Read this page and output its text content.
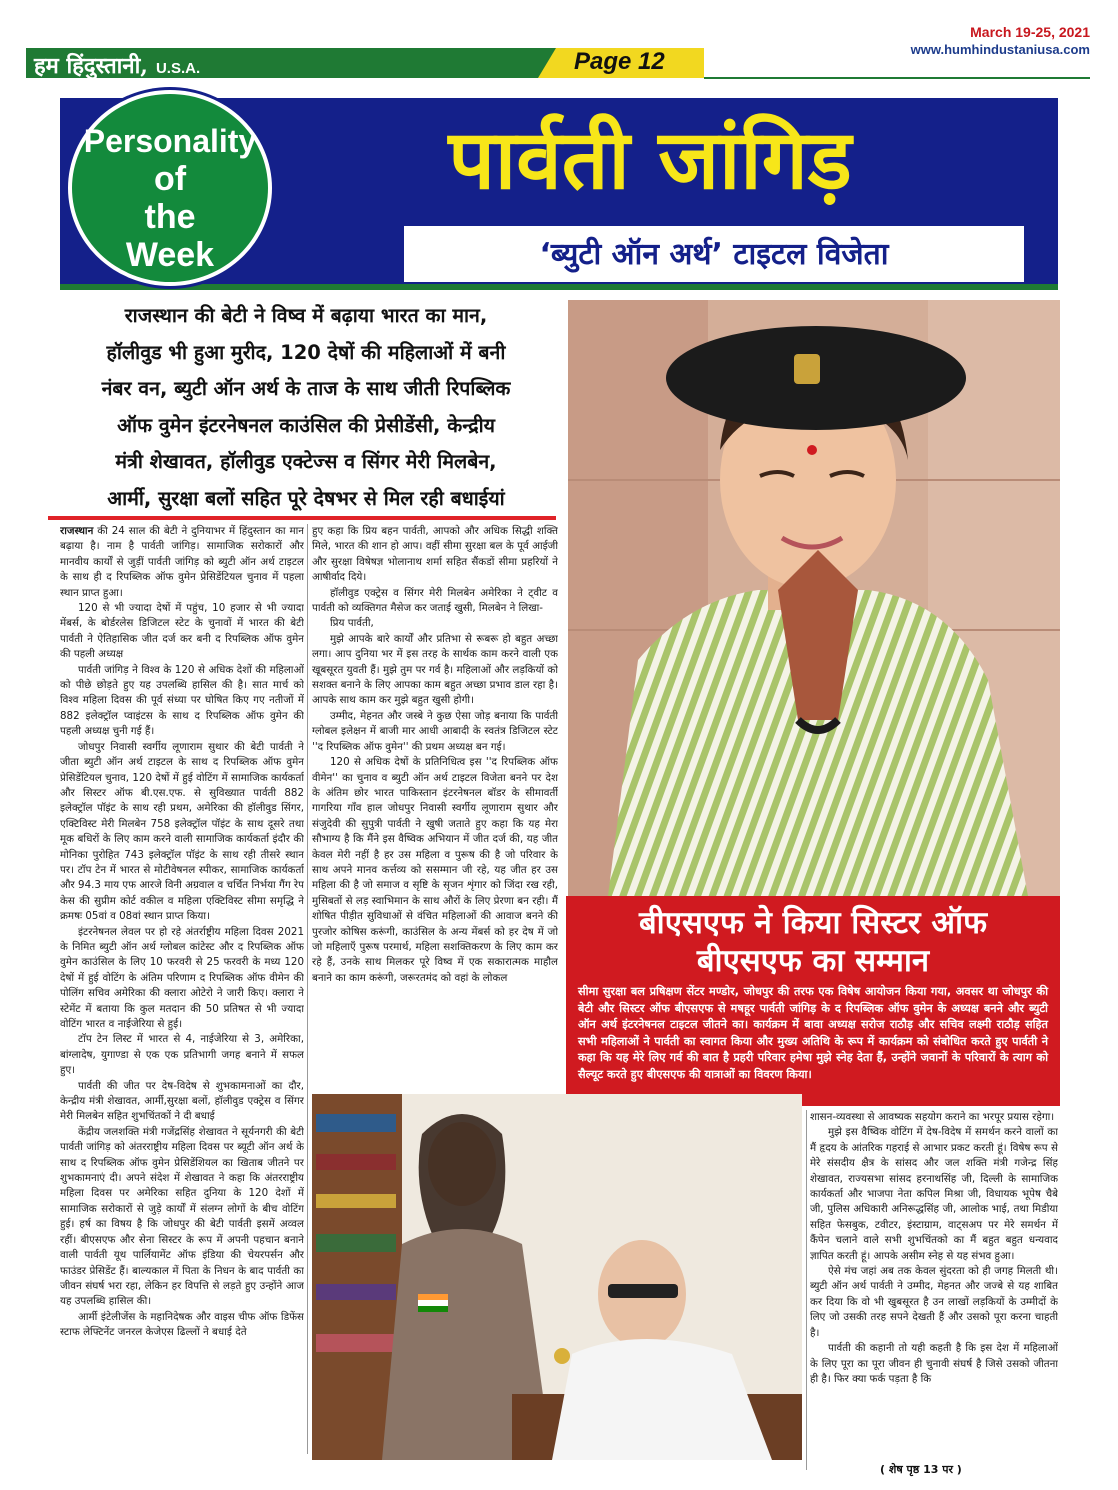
हम हिंदुस्तानी, U.S.A.	Page 12
March 19-25, 2021
www.humhindustaniusa.com
Personality
of
the
Week
पार्वती जांगिड़
‘ब्युटी ऑन अर्थ’ टाइटल विजेता

राजस्थान की बेटी ने विष्व में बढ़ाया भारत का मान,

हॉलीवुड भी हुआ मुरीद, 120 देषों की महिलाओं में बनी

नंबर वन, ब्युटी ऑन अर्थ के ताज के साथ जीती रिपब्लिक

ऑफ वुमेन इंटरनेषनल काउंसिल की प्रेसीडेंसी, केन्द्रीय

मंत्री शेखावत, हॉलीवुड एक्टेज्स व सिंगर मेरी मिलबेन,

आर्मी, सुरक्षा बलों सहित पूरे देषभर से मिल रही बधाईयां

बीएसएफ ने किया सिस्टर ऑफ
बीएसएफ का सम्मान
सीमा सुरक्षा बल प्रषिक्षण सेंटर मण्डोर, जोधपुर की तरफ एक विषेष आयोजन किया गया, अवसर था जोधपुर की बेटी और सिस्टर ऑफ बीएसएफ से मषहूर पार्वती जांगिड़ के द रिपब्लिक ऑफ वुमेन के अध्यक्ष बनने और ब्युटी ऑन अर्थ इंटरनेषनल टाइटल जीतने का। कार्यक्रम में बावा अध्यक्ष सरोज राठौड़ और सचिव लक्ष्मी राठौड़ सहित सभी महिलाओं ने पार्वती का स्वागत किया और मुख्य अतिथि के रूप में कार्यक्रम को संबोधित करते हुए पार्वती ने कहा कि यह मेरे लिए गर्व की बात है प्रहरी परिवार हमेषा मुझे स्नेह देता हैं, उन्होंने जवानों के परिवारों के त्याग को सैल्यूट करते हुए बीएसएफ की यात्राओं का विवरण किया।

राजस्थान की 24 साल की बेटी ने दुनियाभर में हिंदुस्तान का मान बढ़ाया है। नाम है पार्वती जांगिड़। सामाजिक सरोकारों और मानवीय कार्यों से जुड़ीं पार्वती जांगिड़ को ब्युटी ऑन अर्थ टाइटल के साथ ही द रिपब्लिक ऑफ वुमेन प्रेसिडेंटियल चुनाव में पहला स्थान प्राप्त हुआ।

120 से भी ज्यादा देषों में पहुंच, 10 हजार से भी ज्यादा मेंबर्स, के बोर्डरलेस डिजिटल स्टेट के चुनावों में भारत की बेटी पार्वती ने ऐतिहासिक जीत दर्ज कर बनी द रिपब्लिक ऑफ वुमेन की पहली अध्यक्ष

पार्वती जांगिड़ ने विश्व के 120 से अधिक देशों की महिलाओं को पीछे छोड़ते हुए यह उपलब्धि हासिल की है। सात मार्च को विश्व महिला दिवस की पूर्व संध्या पर घोषित किए गए नतीजों में 882 इलेक्ट्रॉल प्वाइंटस के साथ द रिपब्लिक ऑफ वुमेन की पहली अध्यक्ष चुनी गई हैं।

जोधपुर निवासी स्वर्गीय लूणाराम सुथार की बेटी पार्वती ने जीता ब्युटी ऑन अर्थ टाइटल के साथ द रिपब्लिक ऑफ वुमेन प्रेसिडेंटियल चुनाव, 120 देषों में हुई वोटिंग में सामाजिक कार्यकर्ता और सिस्टर ऑफ बी.एस.एफ. से सुविख्यात पार्वती 882 इलेक्ट्रॉल पॉइंट के साथ रही प्रथम, अमेरिका की हॉलीवुड सिंगर, एक्टिविस्ट मेरी मिलबेन 758 इलेक्ट्रॉल पॉइंट के साथ दूसरे तथा मूक बधिरों के लिए काम करने वाली सामाजिक कार्यकर्ता इंदौर की मोनिका पुरोहित 743 इलेक्ट्रॉल पॉइंट के साथ रही तीसरे स्थान पर। टॉप टेन में भारत से मोटीवेषनल स्पीकर, सामाजिक कार्यकर्ता और 94.3 माय एफ आरजे विनी अग्रवाल व चर्चित निर्भया गैंग रेप केस की सुप्रीम कोर्ट वकील व महिला एक्टिविस्ट सीमा समृद्धि ने क्रमषः 05वां व 08वां स्थान प्राप्त किया।

इंटरनेषनल लेवल पर हो रहे अंतर्राष्ट्रीय महिला दिवस 2021 के निमित ब्युटी ऑन अर्थ ग्लोबल कांटेस्ट और द रिपब्लिक ऑफ वुमेन काउंसिल के लिए 10 फरवरी से 25 फरवरी के मध्य 120 देषों में हुई वोटिंग के अंतिम परिणाम द रिपब्लिक ऑफ वीमेन की पोलिंग सचिव अमेरिका की क्लारा ओटेरो ने जारी किए। क्लारा ने स्टेमेंट में बताया कि कुल मतदान की 50 प्रतिषत से भी ज्यादा वोटिंग भारत व नाईजेरिया से हुई।

टॉप टेन लिस्ट में भारत से 4, नाईजेरिया से 3, अमेरिका, बांग्लादेष, युगाण्डा से एक एक प्रतिभागी जगह बनाने में सफल हुए।

पार्वती की जीत पर देष-विदेष से शुभकामनाओं का दौर, केन्द्रीय मंत्री शेखावत, आर्मी,सुरक्षा बलों, हॉलीवुड एक्ट्रेस व सिंगर मेरी मिलबेन सहित शुभचिंतकों ने दी बधाई

केंद्रीय जलशक्ति मंत्री गजेंद्रसिंह शेखावत ने सूर्यनगरी की बेटी पार्वती जांगिड़ को अंतरराष्ट्रीय महिला दिवस पर ब्यूटी ऑन अर्थ के साथ द रिपब्लिक ऑफ वुमेन प्रेसिडेंशियल का खिताब जीतने पर शुभकामनाएं दी। अपने संदेश में शेखावत ने कहा कि अंतरराष्ट्रीय महिला दिवस पर अमेरिका सहित दुनिया के 120 देशों में सामाजिक सरोकारों से जुड़े कार्यों में संलग्न लोगों के बीच वोटिंग हुई। हर्ष का विषय है कि जोधपुर की बेटी पार्वती इसमें अव्वल रहीं। बीएसएफ और सेना सिस्टर के रूप में अपनी पहचान बनाने वाली पार्वती यूथ पार्लियामेंट ऑफ इंडिया की चेयरपर्सन और फाउंडर प्रेसिडेंट हैं। बाल्यकाल में पिता के निधन के बाद पार्वती का जीवन संघर्ष भरा रहा, लेकिन हर विपत्ति से लड़ते हुए उन्होंने आज यह उपलब्धि हासिल की।

आर्मी इंटेलीजेंस के महानिदेषक और वाइस चीफ ऑफ डिफेंस स्टाफ लेफ्टिनेंट जनरल केजेएस ढिल्लों ने बधाई देते

हुए कहा कि प्रिय बहन पार्वती, आपको और अधिक सिद्धी शक्ति मिले, भारत की शान हो आप। वहीं सीमा सुरक्षा बल के पूर्व आईजी और सुरक्षा विषेषज्ञ भोलानाथ शर्मा सहित सैंकडों सीमा प्रहरियों ने आषीर्वाद दिये।

हॉलीवुड एक्ट्रेस व सिंगर मेरी मिलबेन अमेरिका ने ट्वीट व पार्वती को व्यक्तिगत मैसेज कर जताई खुसी, मिलबेन ने लिखा-

प्रिय पार्वती,

मुझे आपके बारे कार्यों और प्रतिभा से रूबरू हो बहुत अच्छा लगा। आप दुनिया भर में इस तरह के सार्थक काम करने वाली एक खूबसूरत युवती हैं। मुझे तुम पर गर्व है। महिलाओं और लड़कियों को सशक्त बनाने के लिए आपका काम बहुत अच्छा प्रभाव डाल रहा है। आपके साथ काम कर मुझे बहुत खुसी होगी।

उम्मीद, मेहनत और जस्बे ने कुछ ऐसा जोड़ बनाया कि पार्वती ग्लोबल इलेक्षन में बाजी मार आधी आबादी के स्वतंत्र डिजिटल स्टेट ''द रिपब्लिक ऑफ वुमेन'' की प्रथम अध्यक्ष बन गई।

120 से अधिक देषों के प्रतिनिधित्व इस ''द रिपब्लिक ऑफ वीमेन'' का चुनाव व ब्युटी ऑन अर्थ टाइटल विजेता बनने पर देश के अंतिम छोर भारत पाकिस्तान इंटरनेषनल बॉडर के सीमावर्ती गागरिया गाँव हाल जोधपुर निवासी स्वर्गीय लूणाराम सुथार और संजुदेवी की सुपुत्री पार्वती ने खुषी जताते हुए कहा कि यह मेरा सौभाग्य है कि मैंने इस वैष्विक अभियान में जीत दर्ज की, यह जीत केवल मेरी नहीं है हर उस महिला व पुरूष की है जो परिवार के साथ अपने मानव कर्त्तव्य को ससम्मान जी रहे, यह जीत हर उस महिला की है जो समाज व सृष्टि के सृजन शृंगार को जिंदा रख रही, मुसिबतों से लड़ स्वाभिमान के साथ औरों के लिए प्रेरणा बन रही। मैं शोषित पीड़ीत सुविधाओं से वंचित महिलाओं की आवाज बनने की पुरजोर कोषिस करूंगी, काउंसिल के अन्य मेंबर्स को हर देष में जो जो महिलाएँ पुरूष परमार्थ, महिला सशक्तिकरण के लिए काम कर रहे हैं, उनके साथ मिलकर पूरे विष्व में एक सकारात्मक माहौल बनाने का काम करूंगी, जरूरतमंद को वहां के लोकल

शासन-व्यवस्था से आवष्यक सहयोग कराने का भरपूर प्रयास रहेगा।

मुझे इस वैष्विक वोटिंग में देष-विदेष में समर्थन करने वालों का मैं हृदय के आंतरिक गहराई से आभार प्रकट करती हूं। विषेष रूप से मेरे संसदीय क्षैत्र के सांसद और जल शक्ति मंत्री गजेन्द्र सिंह शेखावत, राज्यसभा सांसद हरनाथसिंह जी, दिल्ली के सामाजिक कार्यकर्ता और भाजपा नेता कपिल मिश्रा जी, विधायक भूपेष चैबे जी, पुलिस अधिकारी अनिरूद्धसिंह जी, आलोक भाई, तथा मिडीया सहित फेसबुक, टवीटर, इंस्टाग्राम, वाट्सअप पर मेरे समर्थन में कैंपेन चलाने वाले सभी शुभचिंतको का मैं बहुत बहुत धन्यवाद ज्ञापित करती हूं। आपके असीम स्नेह से यह संभव हुआ।

ऐसे मंच जहां अब तक केवल सुंदरता को ही जगह मिलती थी। ब्युटी ऑन अर्थ पार्वती ने उम्मीद, मेहनत और जज्बे से यह शाबित कर दिया कि वो भी खुबसूरत है उन लाखों लड़कियों के उम्मीदों के लिए जो उसकी तरह सपने देखती हैं और उसको पूरा करना चाहती है।

पार्वती की कहानी तो यही कहती है कि इस देश में महिलाओं के लिए पूरा का पूरा जीवन ही चुनावी संघर्ष है जिसे उसको जीतना ही है। फिर क्या फर्क पड़ता है कि

( शेष पृष्ठ 13 पर )
